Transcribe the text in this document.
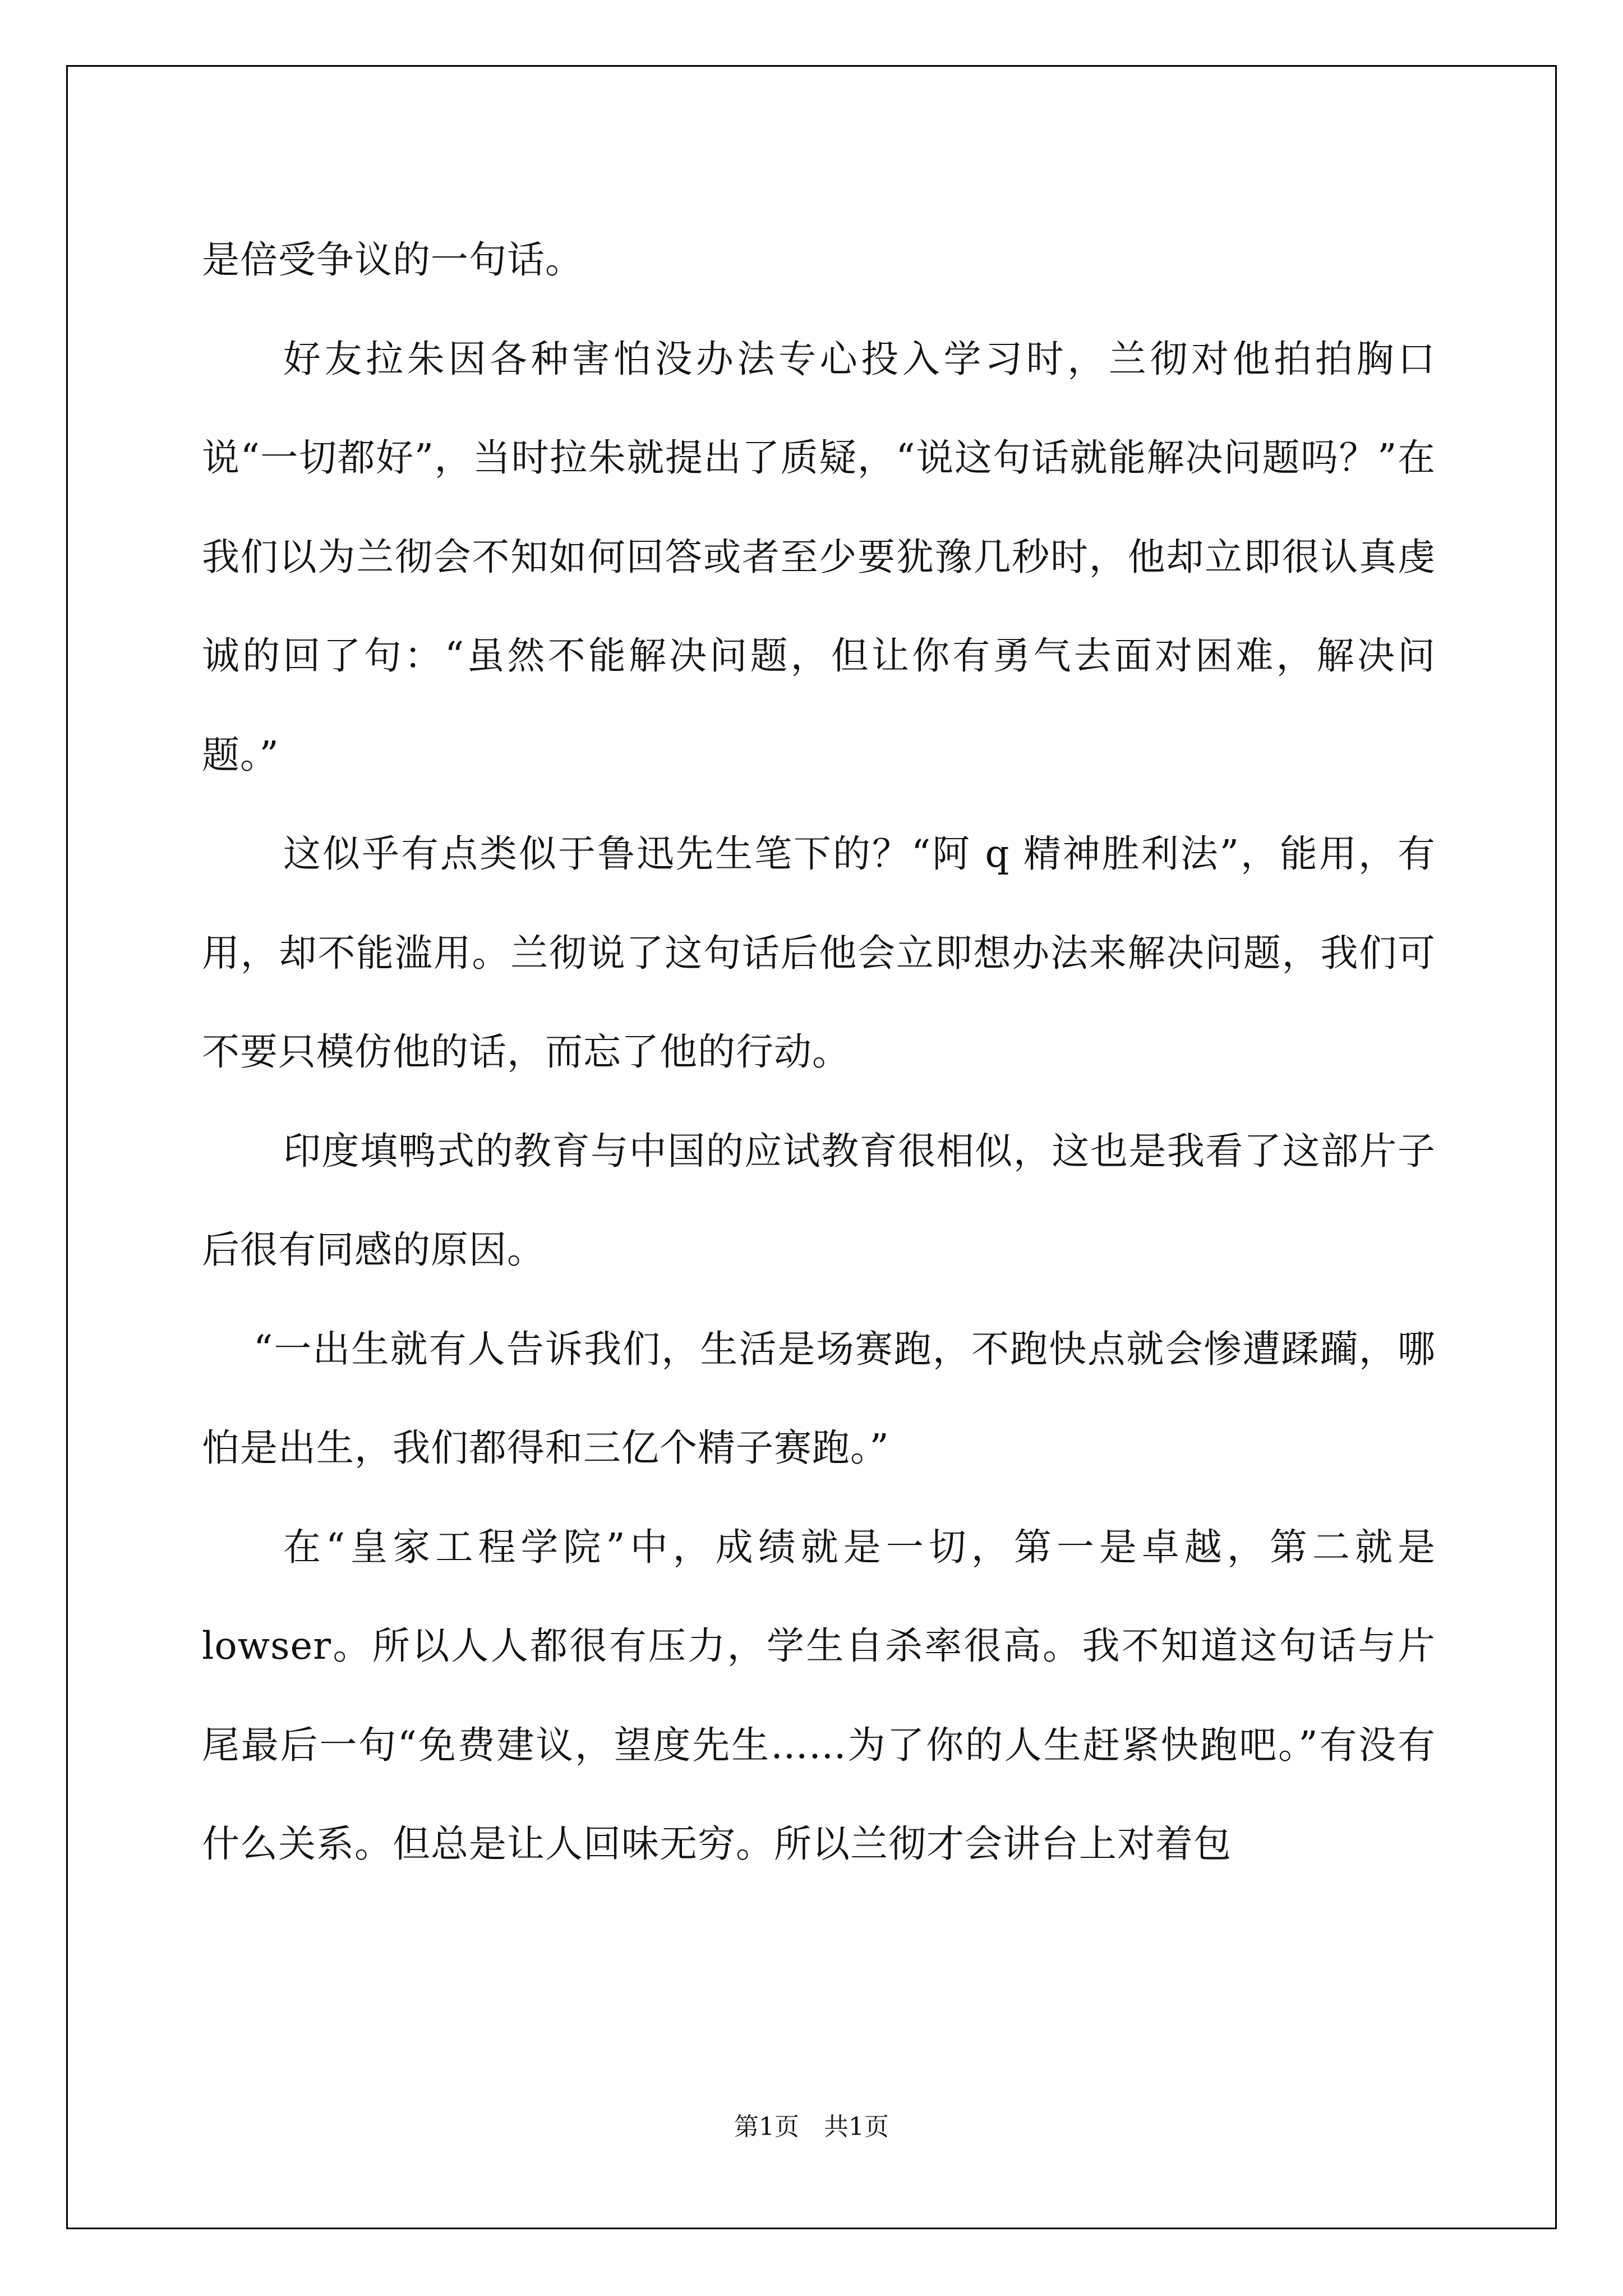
是倍受争议的一句话。

好友拉朱因各种害怕没办法专心投入学习时，兰彻对他拍拍胸口说“一切都好”，当时拉朱就提出了质疑，“说这句话就能解决问题吗？”在我们以为兰彻会不知如何回答或者至少要犹豫几秒时，他却立即很认真虔诚的回了句：“虽然不能解决问题，但让你有勇气去面对困难，解决问题。”

这似乎有点类似于鲁迅先生笔下的？“阿 q 精神胜利法”，能用，有用，却不能滥用。兰彻说了这句话后他会立即想办法来解决问题，我们可不要只模仿他的话，而忘了他的行动。

印度填鸭式的教育与中国的应试教育很相似，这也是我看了这部片子后很有同感的原因。

“一出生就有人告诉我们，生活是场赛跑，不跑快点就会惨遭蹂躏，哪怕是出生，我们都得和三亿个精子赛跑。”

在“皇家工程学院”中，成绩就是一切，第一是卓越，第二就是lowser。所以人人都很有压力，学生自杀率很高。我不知道这句话与片尾最后一句“免费建议，望度先生……为了你的人生赶紧快跑吧。”有没有什么关系。但总是让人回味无穷。所以兰彻才会讲台上对着包

第1页 共1页
